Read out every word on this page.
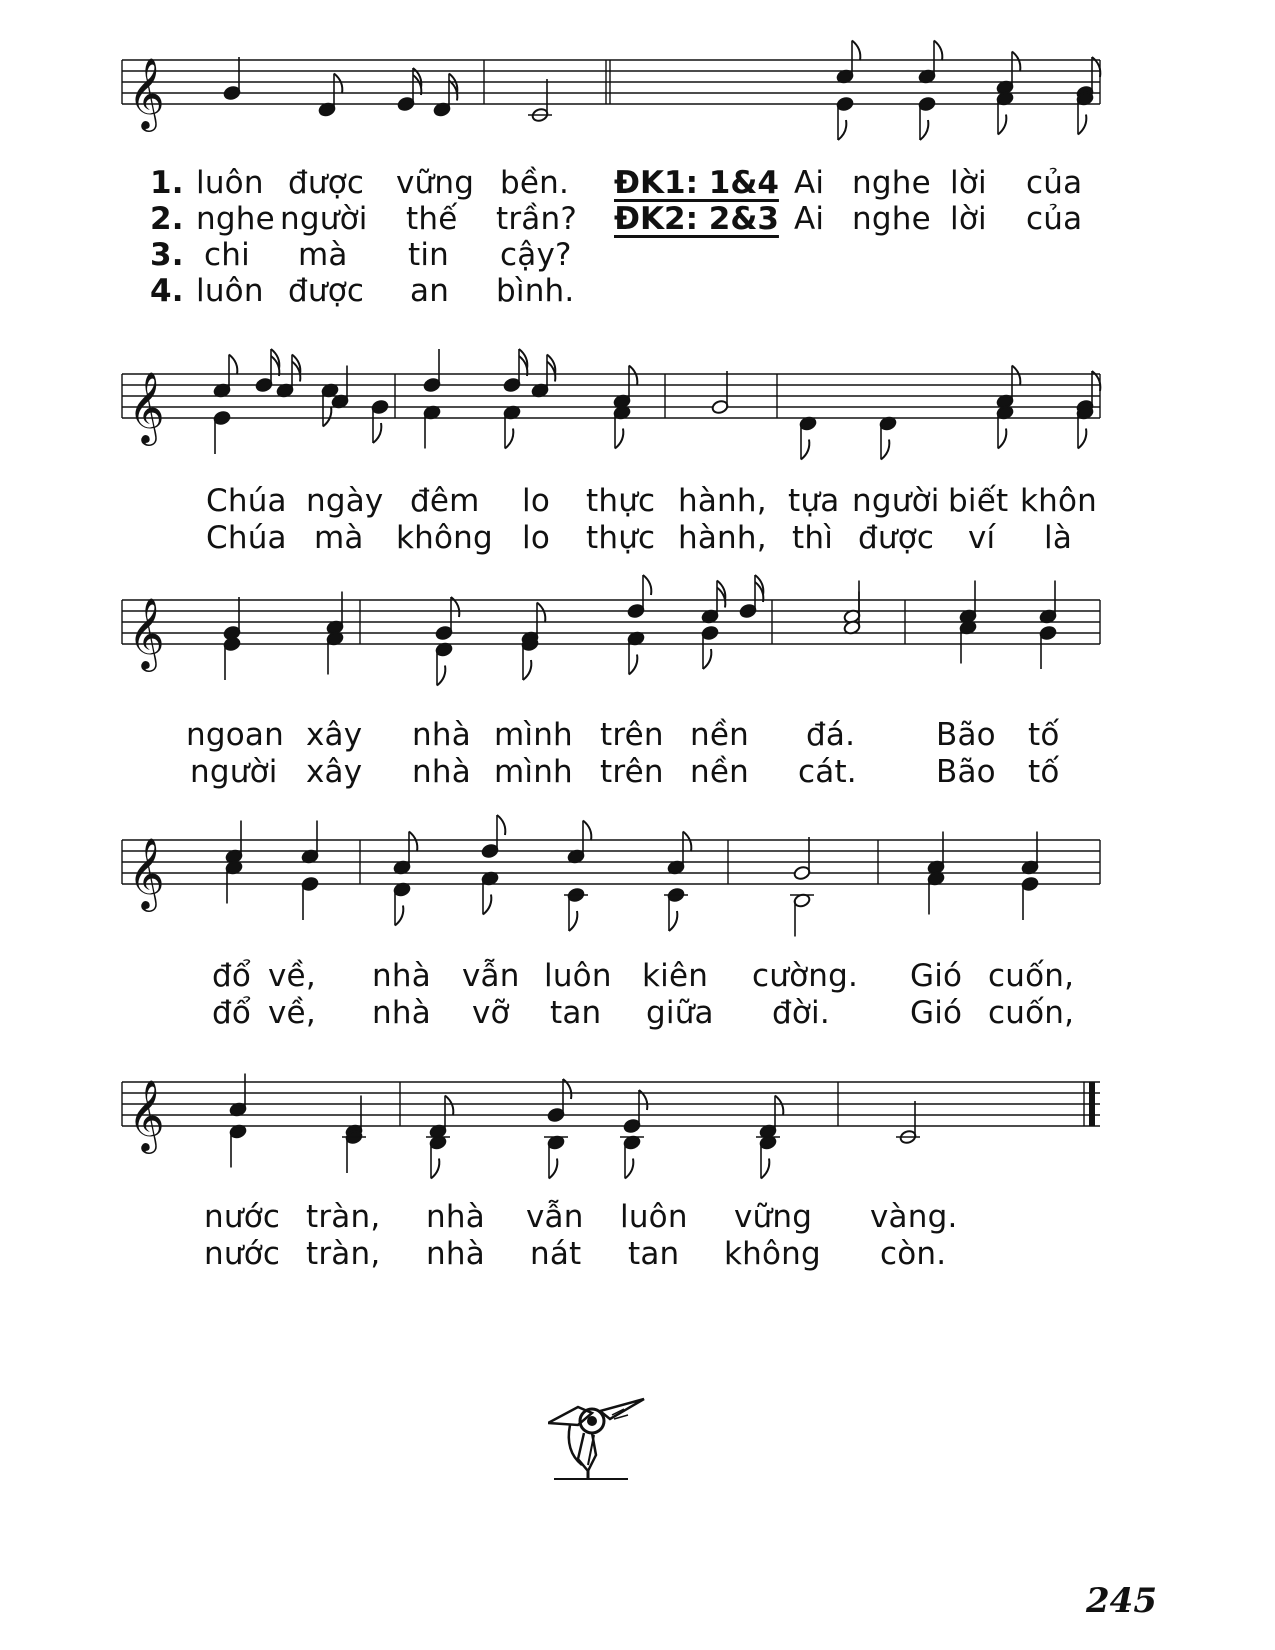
𝄞
𝄞
𝄞
𝄞
𝄞
1. luôn được vững bền. ĐK1: 1&4 Ai nghe lời của
2. nghe người thế trần? ĐK2: 2&3 Ai nghe lời của
3. chi mà tin cậy?
4. luôn được an bình.
Chúa ngày đêm lo thực hành, tựa người biết khôn
Chúa mà không lo thực hành, thì được ví là
ngoan xây nhà mình trên nền đá.	Bão tố
người xây nhà mình trên nền cát.	Bão tố
đổ về, nhà vẫn luôn kiên cường. Gió cuốn,
đổ về, nhà vỡ tan giữa đời.	Gió cuốn,
nước tràn, nhà vẫn luôn vững vàng.
nước tràn, nhà nát tan không còn.
245
